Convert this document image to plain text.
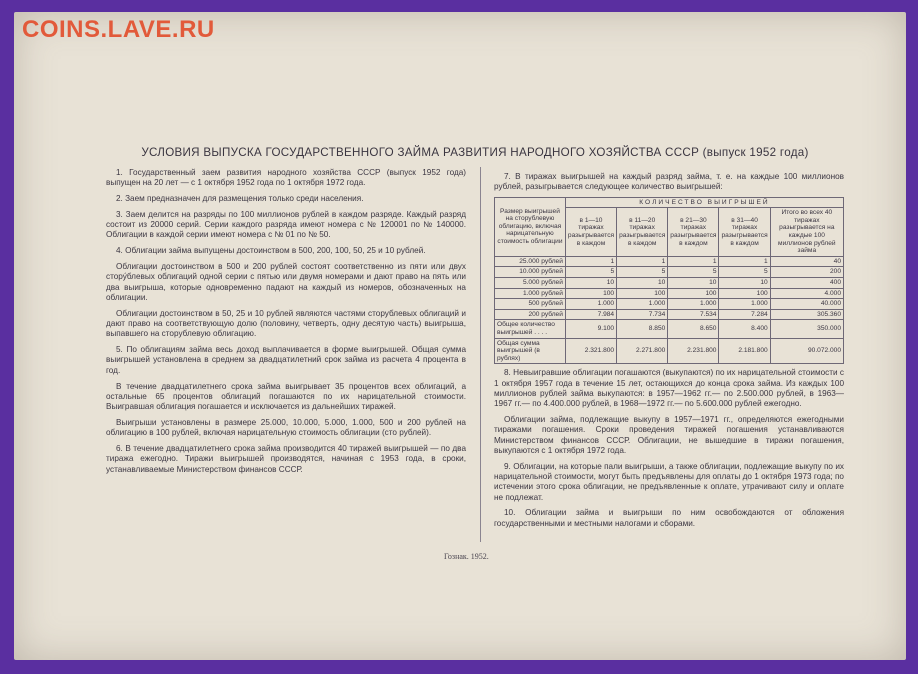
COINS.LAVE.RU
УСЛОВИЯ ВЫПУСКА ГОСУДАРСТВЕННОГО ЗАЙМА РАЗВИТИЯ НАРОДНОГО ХОЗЯЙСТВА СССР (выпуск 1952 года)

1. Государственный заем развития народного хозяйства СССР (выпуск 1952 года) выпущен на 20 лет — с 1 октября 1952 года по 1 октября 1972 года.

2. Заем предназначен для размещения только среди населения.

3. Заем делится на разряды по 100 миллионов рублей в каждом разряде. Каждый разряд состоит из 20000 серий. Серии каждого разряда имеют номера с № 120001 по № 140000. Облигации в каждой серии имеют номера с № 01 по № 50.

4. Облигации займа выпущены достоинством в 500, 200, 100, 50, 25 и 10 рублей.

Облигации достоинством в 500 и 200 рублей состоят соответственно из пяти или двух стору́блевых облигаций одной серии с пятью или двумя номерами и дают право на пять или два выигрыша, которые одновременно падают на каждый из номеров, обозначенных на облигации.

Облигации достоинством в 50, 25 и 10 рублей являются частями сторублевых облигаций и дают право на соответствующую долю (половину, четверть, одну десятую часть) выигрыша, выпавшего на сторублевую облигацию.

5. По облигациям займа весь доход выплачивается в форме выигрышей. Общая сумма выигрышей установлена в среднем за двадцатилетний срок займа из расчета 4 процента в год.

В течение двадцатилетнего срока займа выигрывает 35 процентов всех облигаций, а остальные 65 процентов облигаций погашаются по их нарицательной стоимости. Выигравшая облигация погашается и исключается из дальнейших тиражей.

Выигрыши установлены в размере 25.000, 10.000, 5.000, 1.000, 500 и 200 рублей на облигацию в 100 рублей, включая нарицательную стоимость облигации (сто рублей).

6. В течение двадцатилетнего срока займа производится 40 тиражей выигрышей — по два тиража ежегодно. Тиражи выигрышей производятся, начиная с 1953 года, в сроки, устанавливаемые Министерством финансов СССР.

7. В тиражах выигрышей на каждый разряд займа, т. е. на каждые 100 миллионов рублей, разыгрывается следующее количество выигрышей:

Размер выигрышей на сторублевую облигацию, включая нарицательную стоимость облигации	КОЛИЧЕСТВО ВЫИГРЫШЕЙ				
	в 1—10 тиражах разыгрывается в каждом	в 11—20 тиражах разыгрывается в каждом	в 21—30 тиражах разыгрывается в каждом	в 31—40 тиражах разыгрывается в каждом	Итого во всех 40 тиражах разыгрывается на каждые 100 миллионов рублей займа
25.000 рублей	1	1	1	1	40
10.000 рублей	5	5	5	5	200
5.000 рублей	10	10	10	10	400
1.000 рублей	100	100	100	100	4.000
500 рублей	1.000	1.000	1.000	1.000	40.000
200 рублей	7.984	7.734	7.534	7.284	305.360
Общее количество выигрышей . . . .	9.100	8.850	8.650	8.400	350.000
Общая сумма выигрышей (в рублях)	2.321.800	2.271.800	2.231.800	2.181.800	90.072.000

8. Невыигравшие облигации погашаются (выкупаются) по их нарицательной стоимости с 1 октября 1957 года в течение 15 лет, остающихся до конца срока займа. Из каждых 100 миллионов рублей займа выкупаются: в 1957—1962 гг.— по 2.500.000 рублей, в 1963—1967 гг.— по 4.400.000 рублей, в 1968—1972 гг.— по 5.600.000 рублей ежегодно.

Облигации займа, подлежащие выкупу в 1957—1971 гг., определяются ежегодными тиражами погашения. Сроки проведения тиражей погашения устанавливаются Министерством финансов СССР. Облигации, не вышедшие в тиражи погашения, выкупаются с 1 октября 1972 года.

9. Облигации, на которые пали выигрыши, а также облигации, подлежащие выкупу по их нарицательной стоимости, могут быть предъявлены для оплаты до 1 октября 1973 года; по истечении этого срока облигации, не предъявленные к оплате, утрачивают силу и оплате не подлежат.

10. Облигации займа и выигрыши по ним освобождаются от обложения государственными и местными налогами и сборами.

Гознак. 1952.
